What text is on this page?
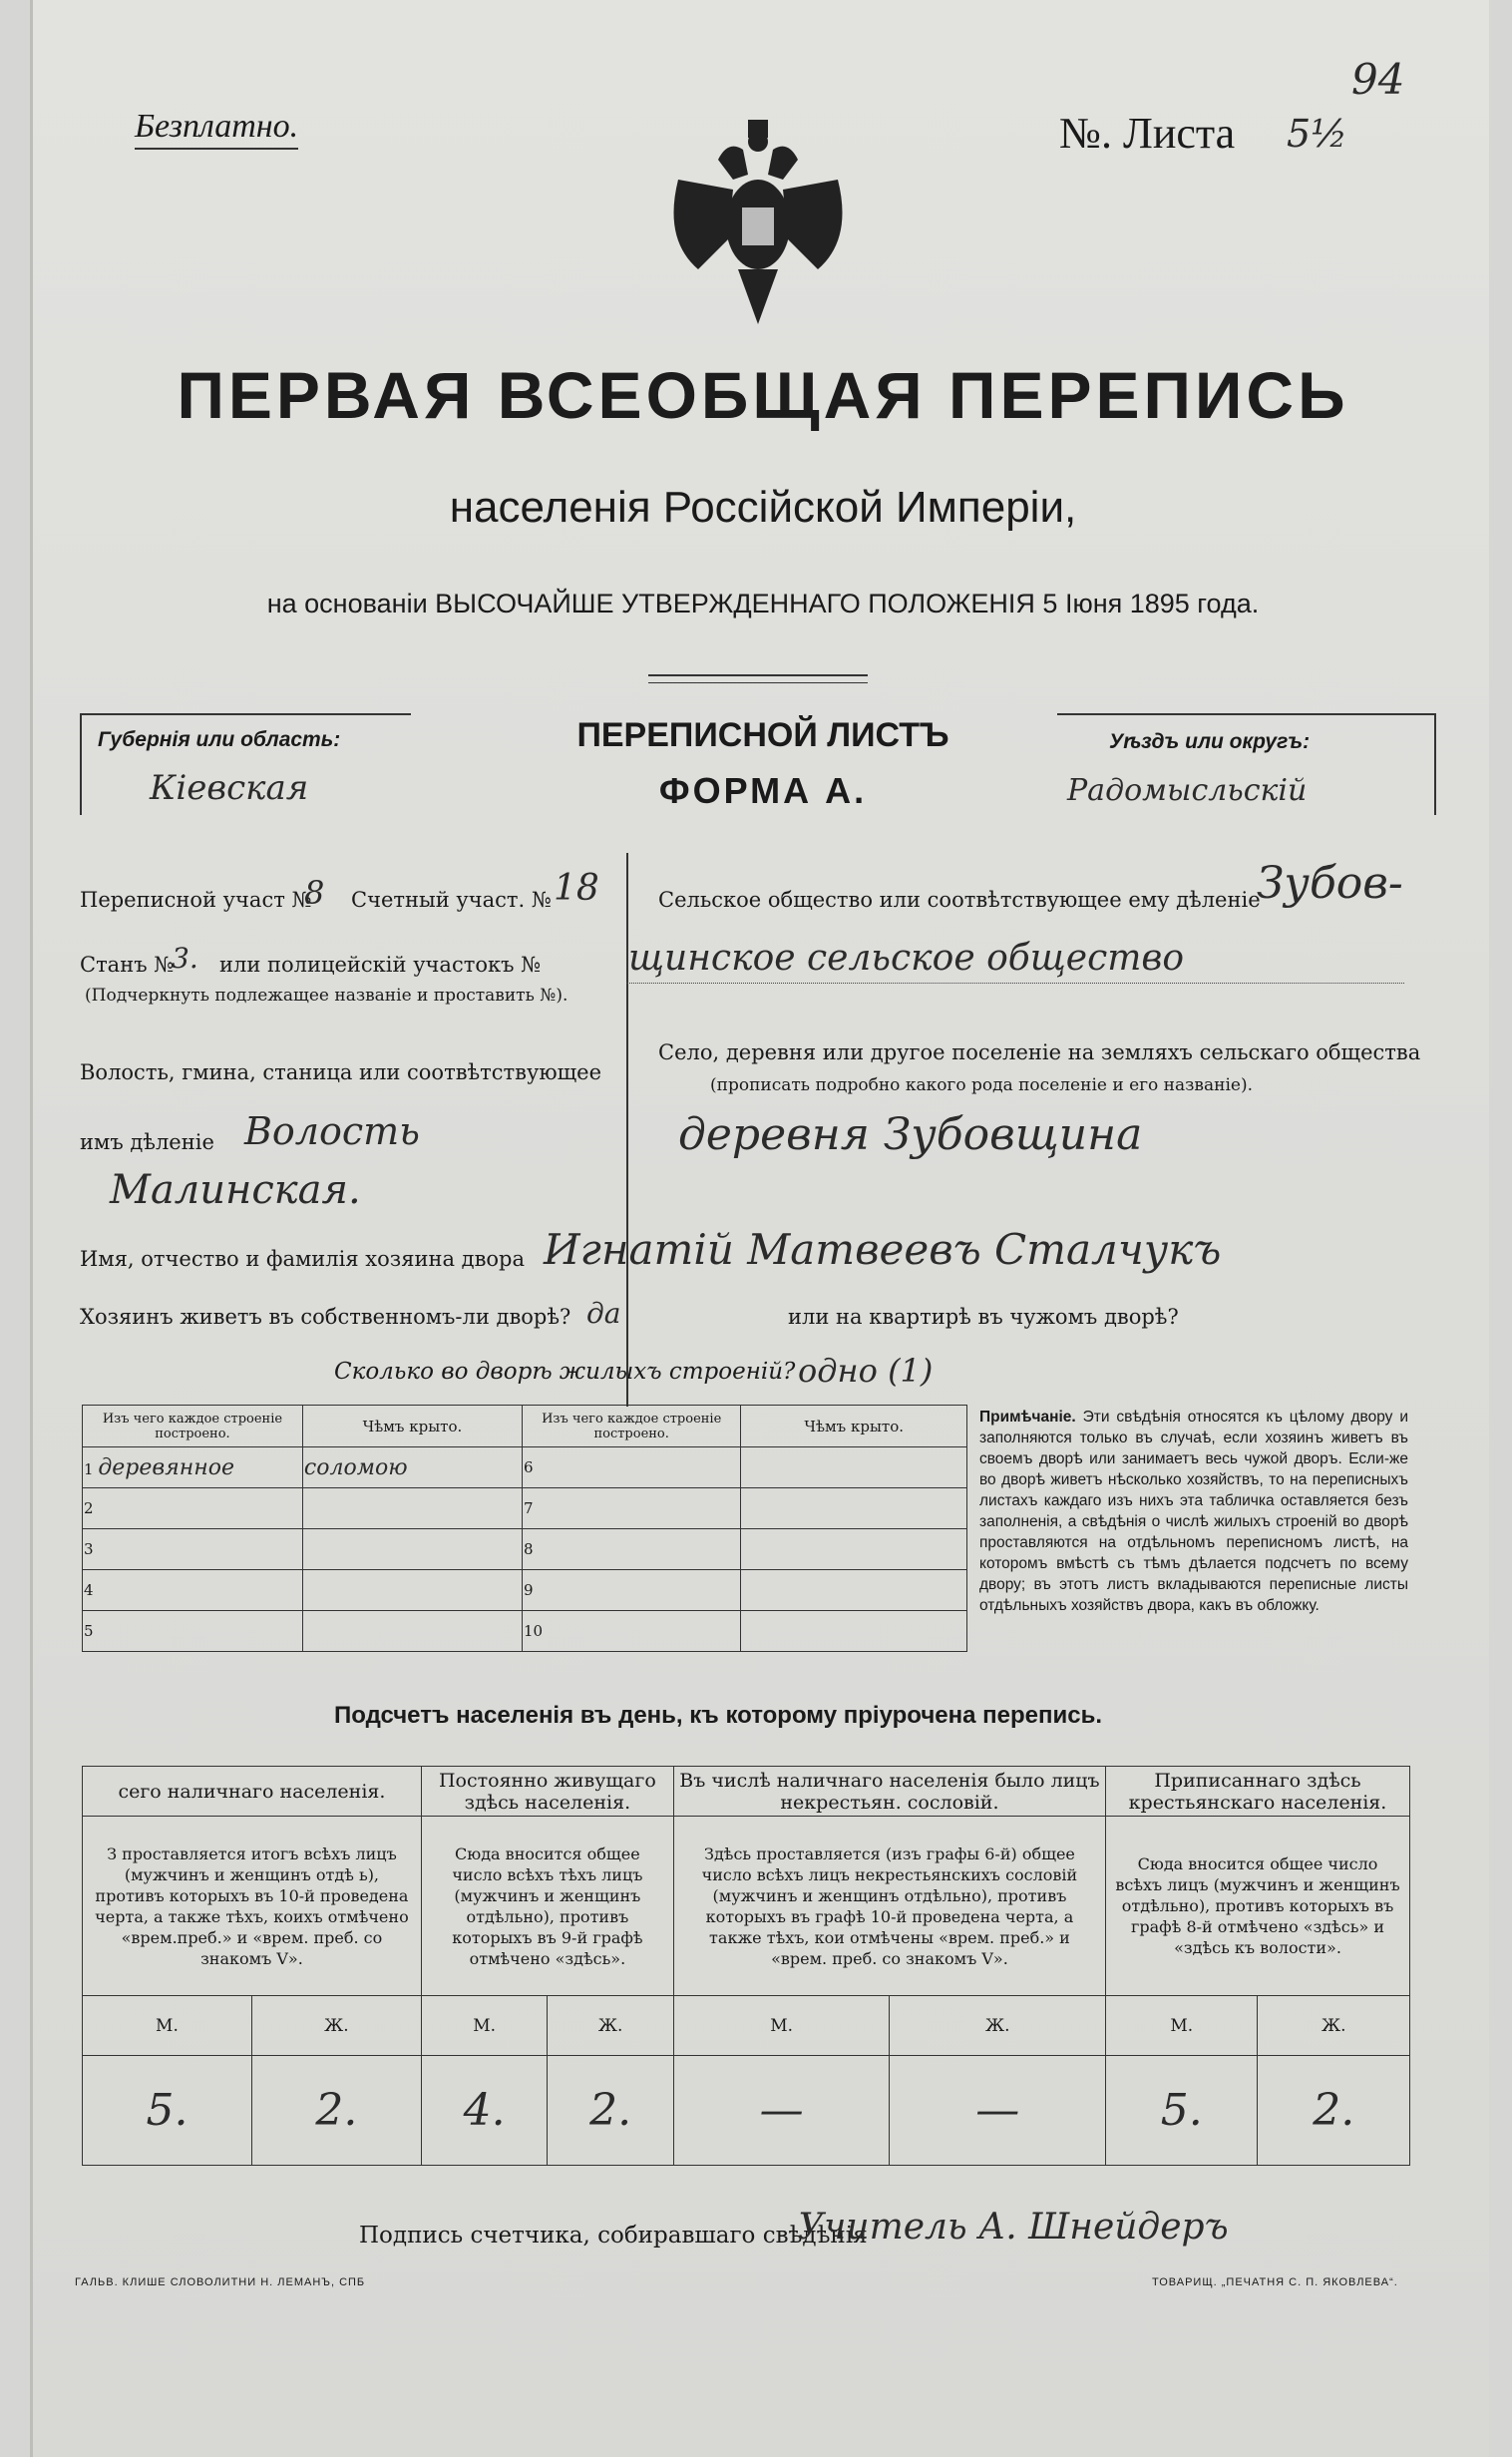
94
Безплатно.	№. Листа 5½
ПЕРВАЯ ВСЕОБЩАЯ ПЕРЕПИСЬ
населенія Россійской Имперіи,
на основаніи ВЫСОЧАЙШЕ УТВЕРЖДЕННАГО ПОЛОЖЕНІЯ 5 Іюня 1895 года.
Губернія или область:
Кіевская
ПЕРЕПИСНОЙ ЛИСТЪ
ФОРМА А.
Уѣздъ или округъ:
Радомысльскій
Переписной участ №
8 Счетный участ. № 18
Станъ №
3. или полицейскій участокъ №
(Подчеркнуть подлежащее названіе и проставить №).
Волость, гмина, станица или соотвѣтствующее
имъ дѣленіе Волость
Малинская.
Сельское общество или соотвѣтствующее ему дѣленіе
Зубов-
щинское сельское общество
Село, деревня или другое поселеніе на земляхъ сельскаго общества
(прописать подробно какого рода поселеніе и его названіе).
деревня Зубовщина
Имя, отчество и фамилія хозяина двора Игнатій Матвеевъ Сталчукъ
Хозяинъ живетъ въ собственномъ-ли дворѣ? да	или на квартирѣ въ чужомъ дворѣ?
Сколько во дворѣ жилыхъ строеній? одно (1)
Изъ чего каждое строеніе построено.	Чѣмъ крыто.	Изъ чего каждое строеніе построено.	Чѣмъ крыто.
1 деревянное	соломою	6	
2		7	
3		8	
4		9	
5		10	
Примѣчаніе. Эти свѣдѣнія относятся къ цѣлому двору и заполняются только въ случаѣ, если хозяинъ живетъ въ своемъ дворѣ или занимаетъ весь чужой дворъ. Если-же во дворѣ живетъ нѣсколько хозяйствъ, то на переписныхъ листахъ каждаго изъ нихъ эта табличка оставляется безъ заполненія, а свѣдѣнія о числѣ жилыхъ строеній во дворѣ проставляются на отдѣльномъ переписномъ листѣ, на которомъ вмѣстѣ съ тѣмъ дѣлается подсчетъ по всему двору; въ этотъ листъ вкладываются переписные листы отдѣльныхъ хозяйствъ двора, какъ въ обложку.
Подсчетъ населенія въ день, къ которому пріурочена перепись.
сего наличнаго населенія.		Постоянно живущаго здѣсь населенія.		Въ числѣ наличнаго населенія было лицъ некрестьян. сословій.		Приписаннаго здѣсь крестьянскаго населенія.	
З проставляется итогъ всѣхъ лицъ (мужчинъ и женщинъ отдѣ ь), противъ которыхъ въ 10-й проведена черта, а также тѣхъ, коихъ отмѣчено «врем.преб.» и «врем. преб. со знакомъ V».		Сюда вносится общее число всѣхъ тѣхъ лицъ (мужчинъ и женщинъ отдѣльно), противъ которыхъ въ 9-й графѣ отмѣчено «здѣсь».		Здѣсь проставляется (изъ графы 6-й) общее число всѣхъ лицъ некрестьянскихъ сословій (мужчинъ и женщинъ отдѣльно), противъ которыхъ въ графѣ 10-й проведена черта, а также тѣхъ, кои отмѣчены «врем. преб.» и «врем. преб. со знакомъ V».		Сюда вносится общее число всѣхъ лицъ (мужчинъ и женщинъ отдѣльно), противъ которыхъ въ графѣ 8-й отмѣчено «здѣсь» и «здѣсь къ волости».	
М.	Ж.	М.	Ж.	М.	Ж.	М.	Ж.
5.	2.	4.	2.	—	—	5.	2.
Подпись счетчика, собиравшаго свѣдѣнія
Учитель А. Шнейдеръ
ГАЛЬВ. КЛИШЕ СЛОВОЛИТНИ Н. ЛЕМАНЪ, СПБ	ТОВАРИЩ. „ПЕЧАТНЯ С. П. ЯКОВЛЕВА“.
